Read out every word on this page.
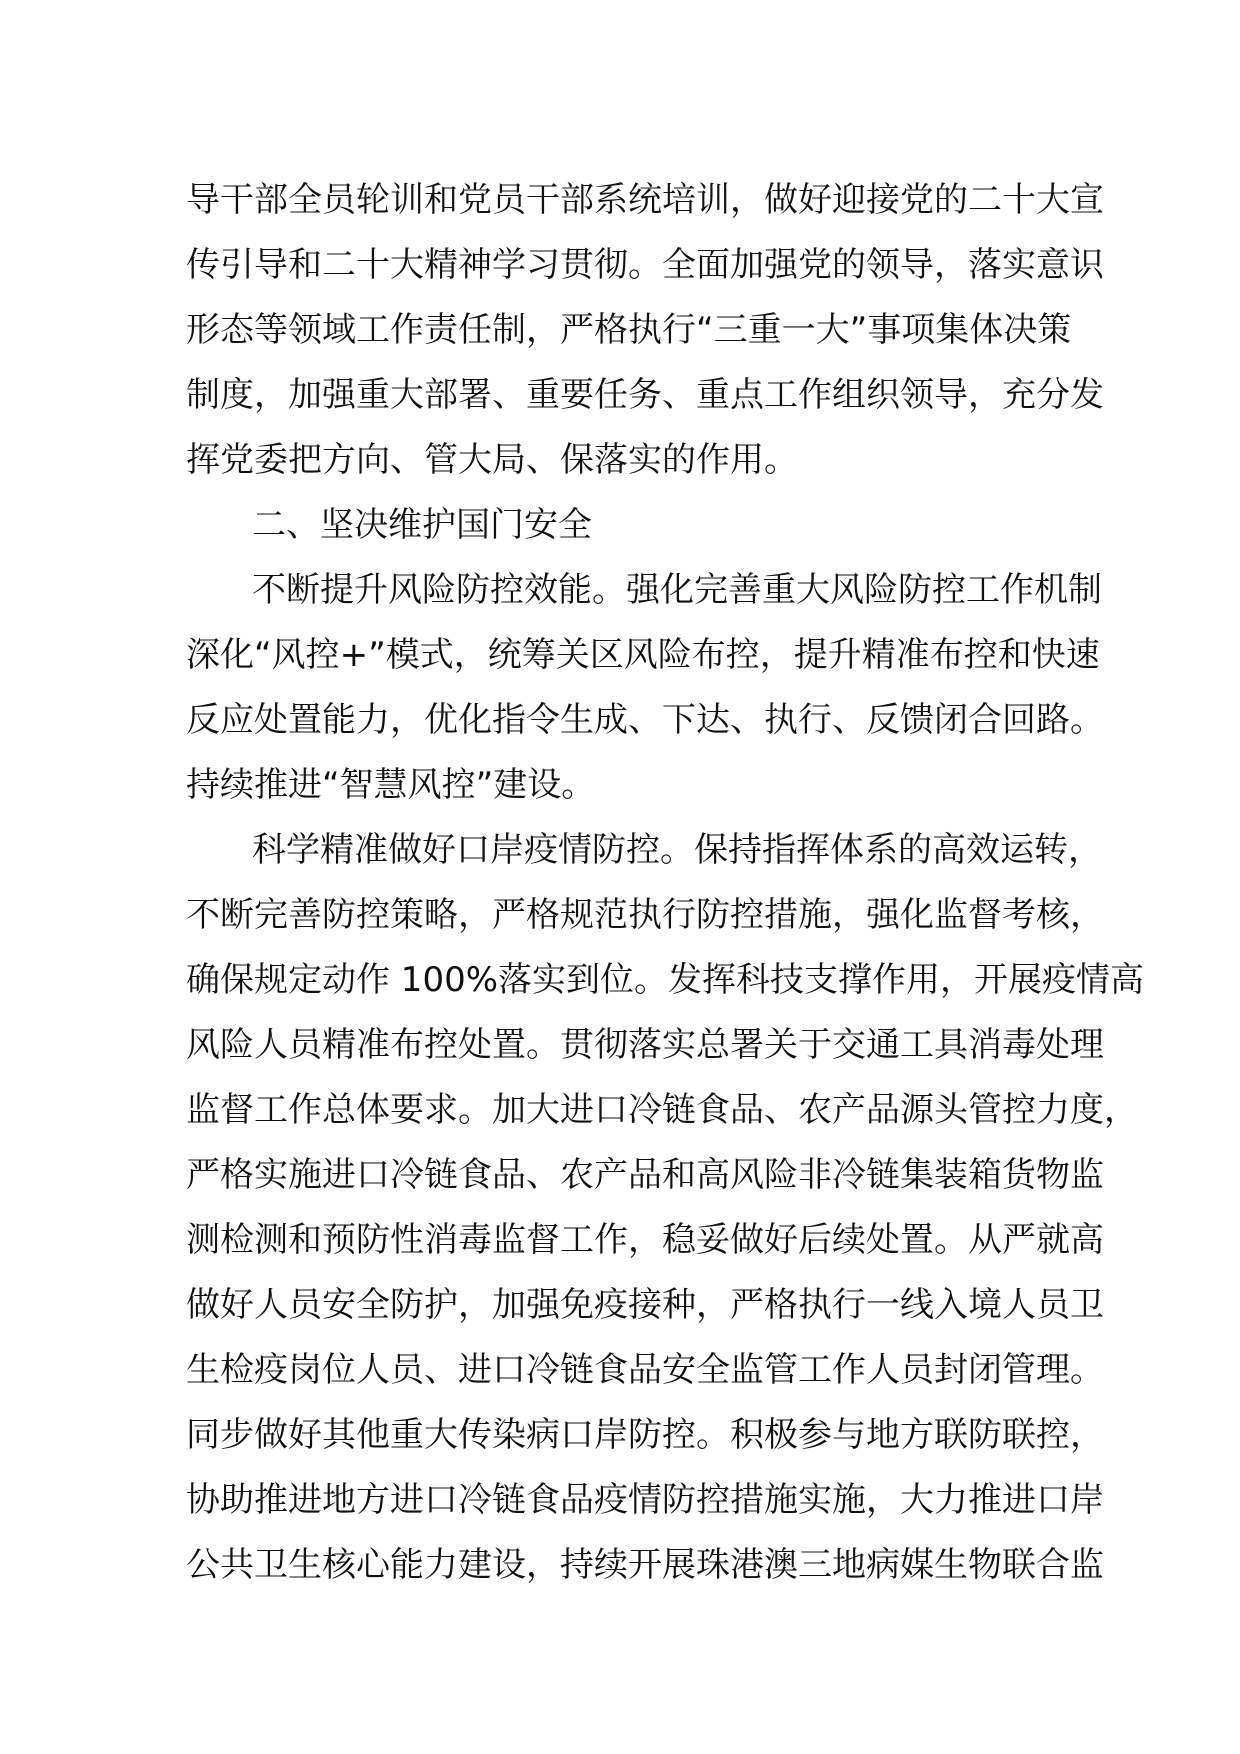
导干部全员轮训和党员干部系统培训，做好迎接党的二十大宣
传引导和二十大精神学习贯彻。全面加强党的领导，落实意识
形态等领域工作责任制，严格执行“三重一大”事项集体决策
制度，加强重大部署、重要任务、重点工作组织领导，充分发
挥党委把方向、管大局、保落实的作用。
二、坚决维护国门安全
不断提升风险防控效能。强化完善重大风险防控工作机制
深化“风控+”模式，统筹关区风险布控，提升精准布控和快速
反应处置能力，优化指令生成、下达、执行、反馈闭合回路。
持续推进“智慧风控”建设。
科学精准做好口岸疫情防控。保持指挥体系的高效运转，
不断完善防控策略，严格规范执行防控措施，强化监督考核，
确保规定动作 100%落实到位。发挥科技支撑作用，开展疫情高
风险人员精准布控处置。贯彻落实总署关于交通工具消毒处理
监督工作总体要求。加大进口冷链食品、农产品源头管控力度，
严格实施进口冷链食品、农产品和高风险非冷链集装箱货物监
测检测和预防性消毒监督工作，稳妥做好后续处置。从严就高
做好人员安全防护，加强免疫接种，严格执行一线入境人员卫
生检疫岗位人员、进口冷链食品安全监管工作人员封闭管理。
同步做好其他重大传染病口岸防控。积极参与地方联防联控，
协助推进地方进口冷链食品疫情防控措施实施，大力推进口岸
公共卫生核心能力建设，持续开展珠港澳三地病媒生物联合监
